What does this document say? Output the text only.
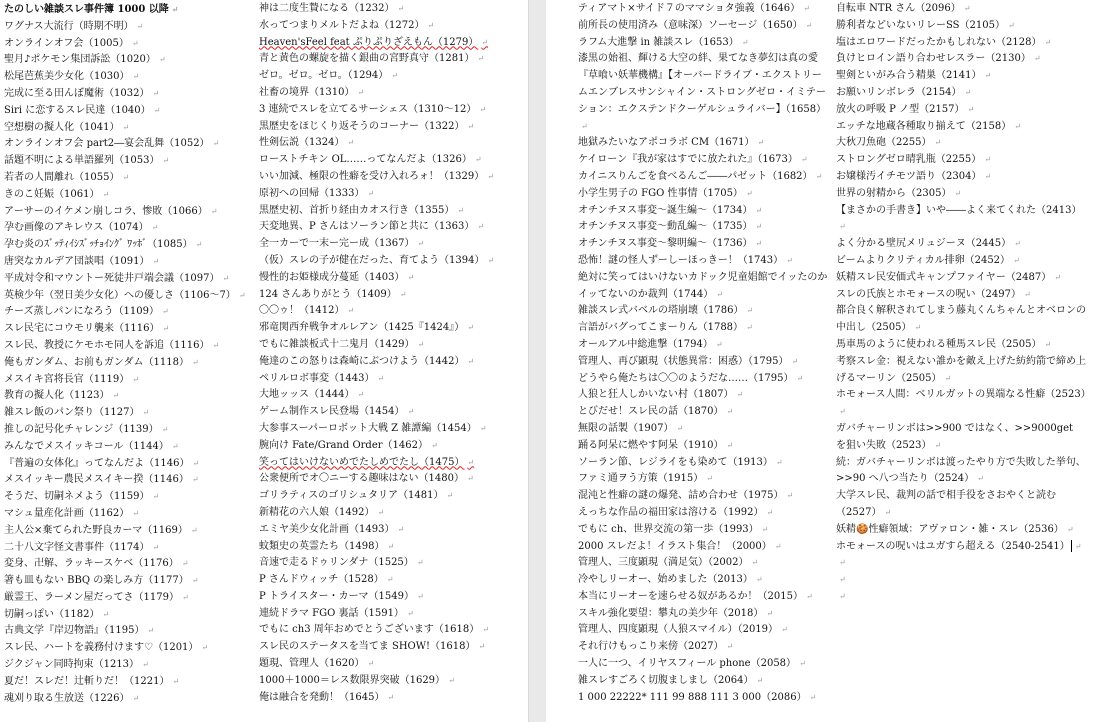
たのしい雑談スレ事件簿 1000 以降 ↵
ワグナス大流行（時期不明） ↵
オンラインオフ会（1005） ↵
聖月♪ポケモン集団訴訟（1020） ↵
松尾芭蕉美少女化（1030） ↵
完成に至る田んぼ魔術（1032） ↵
Siri に恋するスレ民達（1040） ↵
空想樹の擬人化（1041） ↵
オンラインオフ会 part2―宴会乱舞（1052） ↵
話題不明による単語羅列（1053） ↵
若者の人間離れ（1055） ↵
きのこ妊娠（1061） ↵
アーサーのイケメン崩しコラ、惨敗（1066） ↵
孕む画像のアキレウス（1074） ↵
孕む炎のｽﾞｯﾃｨｲｼｽﾞｯﾁｮｲﾝｸﾞ ﾜｯﾎﾞ（1085） ↵
唐突なカルデア団談唱（1091） ↵
平成対令和マウントー死徒井戸端会議（1097） ↵
英検少年（翌日美少女化）への優しさ（1106～7） ↵
チーズ蒸しパンになろう（1109） ↵
スレ民宅にコウモリ襲来（1116） ↵
スレ民、教授にケモホモ同人を訴追（1116） ↵
俺もガンダム、お前もガンダム（1118） ↵
メスイキ宮将長官（1119） ↵
教育の擬人化（1123） ↵
雑スレ飯のパン祭り（1127） ↵
推しの記号化チャレンジ（1139） ↵
みんなでメスイッキコール（1144） ↵
『普遍の女体化』ってなんだよ（1146） ↵
メスイッキー農民メスイキー揆（1146） ↵
そうだ、切嗣ネメよう（1159） ↵
マシュ量産化計画（1162） ↵
主人公×棄てられた野良カーマ（1169） ↵
二十八文字怪文書事件（1174） ↵
変身、卍解、ラッキースケベ（1176） ↵
箸も皿もない BBQ の楽しみ方（1177） ↵
厳霊王、ラーメン屋だってさ（1179） ↵
切嗣っぽい（1182） ↵
古典文学『岸辺物語』（1195） ↵
スレ民、ハートを義務付けます♡（1201） ↵
ジクジャン同時拘束（1213） ↵
夏だ！スレだ！辻斬りだ！（1221） ↵
魂刈り取る生放送（1226） ↵
神は二度生贄になる（1232） ↵
水ってつまりメルトだよね（1272） ↵
Heaven'sFeel feat ぷりぷりざえもん（1279） ↵
青と黄色の螺旋を描く銀曲の宮野真守（1281） ↵
ゼロ。ゼロ。ゼロ。（1294） ↵
社畜の境界（1310） ↵
3 連続でスレを立てるサーシェス（1310～12） ↵
黒歴史をほじくり返そうのコーナー（1322） ↵
性剣伝説（1324） ↵
ローストチキン OL……ってなんだよ（1326） ↵
いい加減、極限の性癖を受け入れろォ！（1329） ↵
原初への回帰（1333） ↵
黒歴史初、首折り経由カオス行き（1355） ↵
天変地異、P さんはソーラン節と共に（1363） ↵
全一カーで一末ー完ー成（1367） ↵
（仮）スレの子が健在だった、育てよう（1394） ↵
慢性的お姫様成分蔓延（1403） ↵
124 さんありがとう（1409） ↵
〇〇ゥ！（1412） ↵
邪竜関西弁戦争オルレアン（1425『1424』） ↵
でもに雑談板式十二鬼月（1429） ↵
俺達のこの怒りは森崎にぶつけよう（1442） ↵
ペリルロボ事変（1443） ↵
大地ッッス（1444） ↵
ゲーム制作スレ民登場（1454） ↵
大参事スーパーロボット大戦 Z 雑譚編（1454） ↵
腕向け Fate/Grand Order（1462） ↵
笑ってはいけないめでたしめでたし（1475） ↵
公衆便所でオ〇ニーする趣味はない（1480） ↵
ゴリラティスのゴリシュタリア（1481） ↵
新精花の六人娘（1492） ↵
エミヤ美少女化計画（1493） ↵
蚊類史の英霊たち（1498） ↵
音速で走るドゥリンダナ（1525） ↵
P さんドウィッチ（1528） ↵
P トライスター・カーマ（1549） ↵
連続ドラマ FGO 裏話（1591） ↵
でもに ch3 周年おめでとうございます（1618） ↵
スレ民のステータスを当てま SHOW!（1618） ↵
題現、管理人（1620） ↵
1000＋1000＝レス数限界突破（1629） ↵
俺は融合を発動！（1645） ↵
ティアマト×サイド７のママショタ強義（1646） ↵
前所長の使用済み（意味深）ソーセージ（1650） ↵
ラフム大進撃 in 雑談スレ（1653） ↵
漆黒の始祖、輝ける大空の絆、果てなき夢幻は真の愛『草喰い妖華機構』【オーバードライブ・エクストリームエンブレスサンシャイン・ストロングゼロ・イミテーション：エクステンドクーゲルシュライバー】（1658） ↵
地獄みたいなアポコラボ CM（1671） ↵
ケイローン『我が家はすでに放たれた』（1673） ↵
カイニスりんごを食べるんご――パゼット（1682） ↵
小学生男子の FGO 性事情（1705） ↵
オチンチヌス事変～誕生編～（1734） ↵
オチンチヌス事変～動乱編～（1735） ↵
オチンチヌス事変～黎明編～（1736） ↵
恐怖！謎の怪人ずーしーほっきー！（1743） ↵
絶対に笑ってはいけないカドック児童娼館でイッたのかイッてないのか裁判（1744） ↵
雑談スレ式バベルの塔崩壊（1786） ↵
言語がバグってこまーりん（1788） ↵
オールアル中総進撃（1794） ↵
管理人、再び顕現（状態異常：困惑）（1795） ↵
どうやら俺たちは〇〇のようだな……（1795） ↵
人狼と狂人しかいない村（1807） ↵
とびだせ！スレ民の話（1870） ↵
無限の話製（1907） ↵
踊る阿呆に燃やす阿呆（1910） ↵
ソーラン節、レジライをも染めて（1913） ↵
ファミ通ヲう方策（1915） ↵
混沌と性癖の謎の爆発、詰め合わせ（1975） ↵
えっちな作品の福田家は溶ける（1992） ↵
でもに ch、世界交流の第一歩（1993） ↵
2000 スレだよ！イラスト集合！（2000） ↵
管理人、三度顕現（満足気）（2002） ↵
冷やしリーオー、始めました（2013） ↵
本当にリーオーを速らせる奴があるか！（2015） ↵
スキル強化要望：攀丸の美少年（2018） ↵
管理人、四度顕現（人狼スマイル）（2019） ↵
それ行けもっこり来傍（2027） ↵
一人に一つ、イリヤスフィール phone（2058） ↵
雑スレすごろく切腹ましまし（2064） ↵
1 000 22222* 111 99 888 111 3 000（2086） ↵
自転車 NTR さん（2096） ↵
勝利者などいないリレーSS（2105） ↵
塩はエロワードだったかもしれない（2128） ↵
負けヒロイン語り合わせレスラー（2130） ↵
聖剣といがみ合う精巣（2141） ↵
お願いリンボレラ（2154） ↵
放火の呼吸 P ノ型（2157） ↵
エッチな地蔵各種取り揃えて（2158） ↵
大秋刀魚砲（2255） ↵
ストロングゼロ晴乳瓶（2255） ↵
お嬢様汚イチモツ語り（2304） ↵
世界の射精から（2305） ↵
【まさかの手書き】いや――よく来てくれた（2413） ↵
よく分かる壁尻メリュジーヌ（2445） ↵
ビームよりクリティカル排卵（2452） ↵
妖精スレ民安価式キャンプファイヤー（2487） ↵
スレの氏族とホモォースの呪い（2497） ↵
都合良く解釈されてしまう藤丸くんちゃんとオベロンの中出し（2505） ↵
馬車馬のように使われる種馬スレ民（2505） ↵
考察スレ金：視えない誰かを敵え上げた紡約箭で締め上げるマーリン（2505） ↵
ホモォース人間：ベリルガットの異端なる性癖（2523） ↵
ガバチャーリンボは>>900 ではなく、>>9000get を狙い失敗（2523） ↵
続：ガバチャーリンボは渡ったやり方で失敗した挙句、>>90 へ八つ当たり（2524） ↵
大学スレ民、裁判の話で相手役をさおやくと読む（2527） ↵
妖精🍪性癖領域：アヴァロン・雑・スレ（2536） ↵
ホモォースの呪いはユガすら超える（2540-2541） ↵
↵
↵
↵
